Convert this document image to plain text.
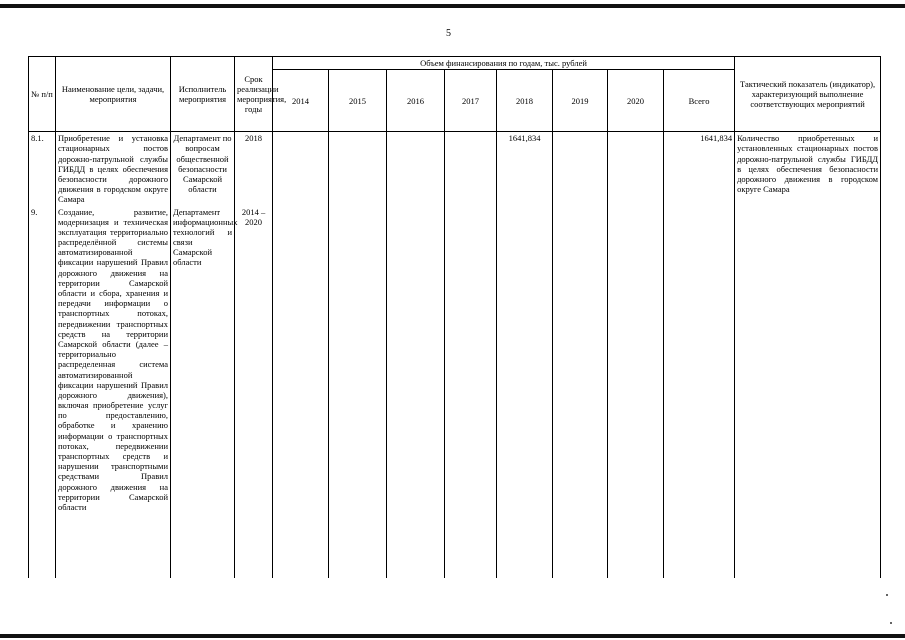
5
№ п/п	Наименование цели, задачи, мероприятия	Исполнитель мероприятия	Срок реализации мероприятия, годы	Объем финансирования по годам, тыс. рублей								Тактический показатель (индикатор), характеризующий выполнение соответствующих мероприятий
				2014	2015	2016	2017	2018	2019	2020	Всего	
8.1.	Приобретение и установка стационарных постов дорожно-патрульной службы ГИБДД в целях обеспечения безопасности дорожного движения в городском округе Самара	Департамент по вопросам общественной безопасности Самарской области	2018					1641,834			1641,834	Количество приобретенных и установленных стационарных постов дорожно-патрульной службы ГИБДД в целях обеспечения безопасности дорожного движения в городском округе Самара
9.	Создание, развитие, модернизация и техническая эксплуатация территориально распределённой системы автоматизированной фиксации нарушений Правил дорожного движения на территории Самарской области и сбора, хранения и передачи информации о транспортных потоках, передвижении транспортных средств на территории Самарской области (далее – территориально распределенная система автоматизированной фиксации нарушений Правил дорожного движения), включая приобретение услуг по предоставлению, обработке и хранению информации о транспортных потоках, передвижении транспортных средств и нарушении транспортными средствами Правил дорожного движения на территории Самарской области	Департамент информационных технологий и связи Самарской области	2014 – 2020									
